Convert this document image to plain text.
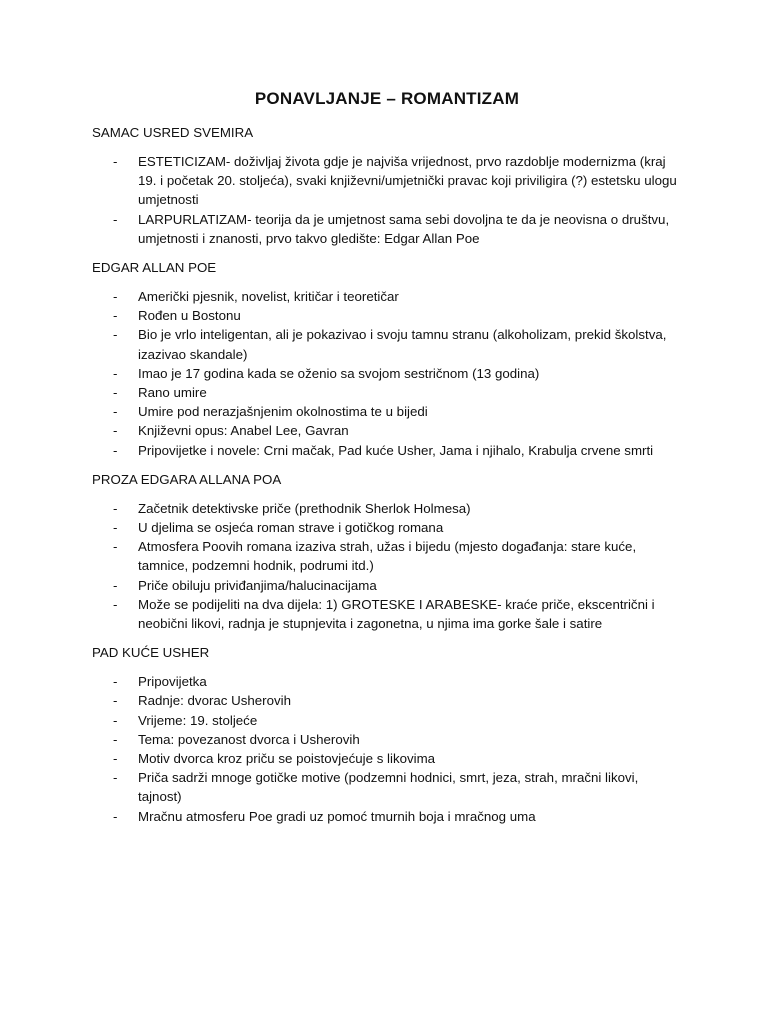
PONAVLJANJE – ROMANTIZAM
SAMAC USRED SVEMIRA
- ESTETICIZAM- doživljaj života gdje je najviša vrijednost, prvo razdoblje modernizma (kraj 19. i početak 20. stoljeća), svaki književni/umjetnički pravac koji priviligira (?) estetsku ulogu umjetnosti
- LARPURLATIZAM- teorija da je umjetnost sama sebi dovoljna te da je neovisna o društvu, umjetnosti i znanosti, prvo takvo gledište: Edgar Allan Poe
EDGAR ALLAN POE
- Američki pjesnik, novelist, kritičar i teoretičar
- Rođen u Bostonu
- Bio je vrlo inteligentan, ali je pokazivao i svoju tamnu stranu (alkoholizam, prekid školstva, izazivao skandale)
- Imao je 17 godina kada se oženio sa svojom sestričnom (13 godina)
- Rano umire
- Umire pod nerazjašnjenim okolnostima te u bijedi
- Književni opus: Anabel Lee, Gavran
- Pripovijetke i novele: Crni mačak, Pad kuće Usher, Jama i njihalo, Krabulja crvene smrti
PROZA EDGARA ALLANA POA
- Začetnik detektivske priče (prethodnik Sherlok Holmesa)
- U djelima se osjeća roman strave i gotičkog romana
- Atmosfera Poovih romana izaziva strah, užas i bijedu (mjesto događanja: stare kuće, tamnice, podzemni hodnik, podrumi itd.)
- Priče obiluju priviđanjima/halucinacijama
- Može se podijeliti na dva dijela: 1) GROTESKE I ARABESKE- kraće priče, ekscentrični i neobični likovi, radnja je stupnjevita i zagonetna, u njima ima gorke šale i satire
PAD KUĆE USHER
- Pripovijetka
- Radnje: dvorac Usherovih
- Vrijeme: 19. stoljeće
- Tema: povezanost dvorca i Usherovih
- Motiv dvorca kroz priču se poistovjećuje s likovima
- Priča sadrži mnoge gotičke motive (podzemni hodnici, smrt, jeza, strah, mračni likovi, tajnost)
- Mračnu atmosferu Poe gradi uz pomoć tmurnih boja i mračnog uma
